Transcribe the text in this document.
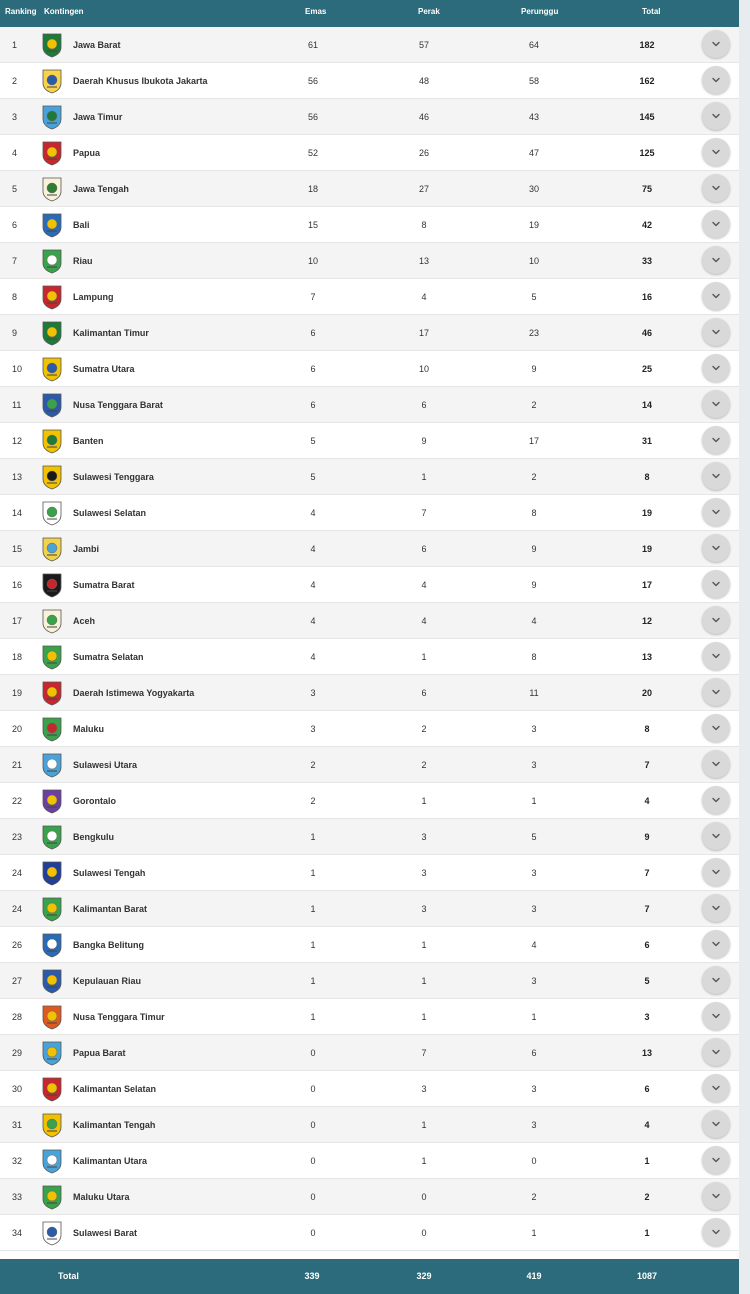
Ranking Kontingen	Emas	Perak	Perunggu	Total
1	Jawa Barat	61	57	64	182
2	Daerah Khusus Ibukota Jakarta	56	48	58	162
3	Jawa Timur	56	46	43	145
4	Papua	52	26	47	125
5	Jawa Tengah	18	27	30	75
6	Bali	15	8	19	42
7	Riau	10	13	10	33
8	Lampung	7	4	5	16
9	Kalimantan Timur	6	17	23	46
10	Sumatra Utara	6	10	9	25
11	Nusa Tenggara Barat	6	6	2	14
12	Banten	5	9	17	31
13	Sulawesi Tenggara	5	1	2	8
14	Sulawesi Selatan	4	7	8	19
15	Jambi	4	6	9	19
16	Sumatra Barat	4	4	9	17
17	Aceh	4	4	4	12
18	Sumatra Selatan	4	1	8	13
19	Daerah Istimewa Yogyakarta	3	6	11	20
20	Maluku	3	2	3	8
21	Sulawesi Utara	2	2	3	7
22	Gorontalo	2	1	1	4
23	Bengkulu	1	3	5	9
24	Sulawesi Tengah	1	3	3	7
24	Kalimantan Barat	1	3	3	7
26	Bangka Belitung	1	1	4	6
27	Kepulauan Riau	1	1	3	5
28	Nusa Tenggara Timur	1	1	1	3
29	Papua Barat	0	7	6	13
30	Kalimantan Selatan	0	3	3	6
31	Kalimantan Tengah	0	1	3	4
32	Kalimantan Utara	0	1	0	1
33	Maluku Utara	0	0	2	2
34	Sulawesi Barat	0	0	1	1
Total	339	329	419	1087
